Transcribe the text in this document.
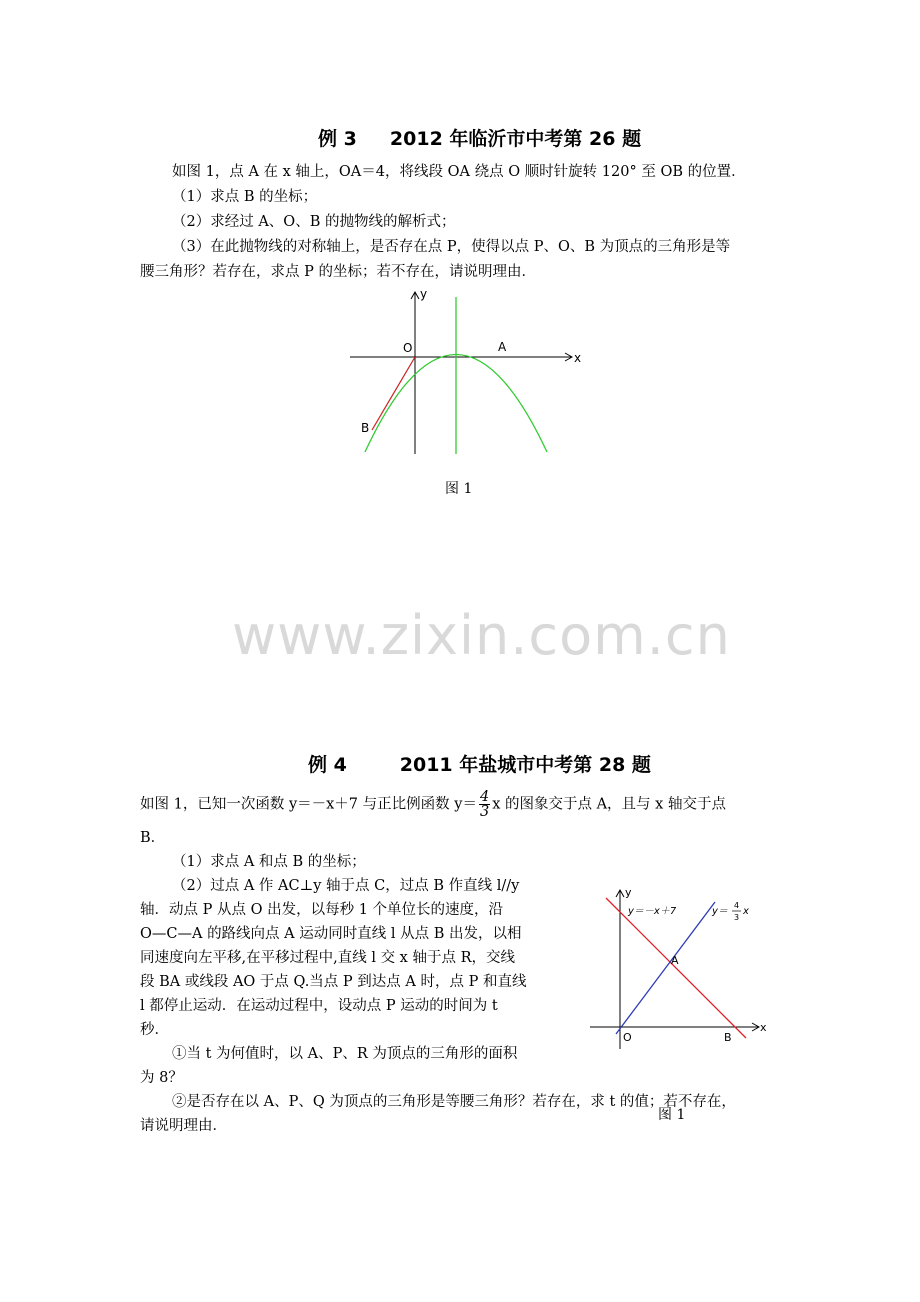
例 3     2012 年临沂市中考第 26 题
如图 1，点 A 在 x 轴上，OA＝4，将线段 OA 绕点 O 顺时针旋转 120° 至 OB 的位置．
（1）求点 B 的坐标；
（2）求经过 A、O、B 的抛物线的解析式；
（3）在此抛物线的对称轴上，是否存在点 P，使得以点 P、O、B 为顶点的三角形是等
腰三角形？若存在，求点 P 的坐标；若不存在，请说明理由．
y
x
O	A
B
图 1
www.zixin.com.cn
例 4        2011 年盐城市中考第 28 题
如图 1，已知一次函数 y＝－x＋7 与正比例函数 $y= \frac{4}{3}$ x 的图象交于点 A，且与 x 轴交于点
B．
（1）求点 A 和点 B 的坐标；
（2）过点 A 作 AC⊥y 轴于点 C，过点 B 作直线 l//y
轴．动点 P 从点 O 出发，以每秒 1 个单位长的速度，沿
O—C—A 的路线向点 A 运动同时直线 l 从点 B 出发，以相
同速度向左平移,在平移过程中,直线 l 交 x 轴于点 R，交线
段 BA 或线段 AO 于点 Q.当点 P 到达点 A 时，点 P 和直线
l 都停止运动．在运动过程中，设动点 P 运动的时间为 t
秒．
①当 t 为何值时，以 A、P、R 为顶点的三角形的面积
为 8？
②是否存在以 A、P、Q 为顶点的三角形是等腰三角形？若存在，求 t 的值；若不存在，
请说明理由．
y
x
O
A
B
y＝－x＋7	y＝
4
3
x
图 1
